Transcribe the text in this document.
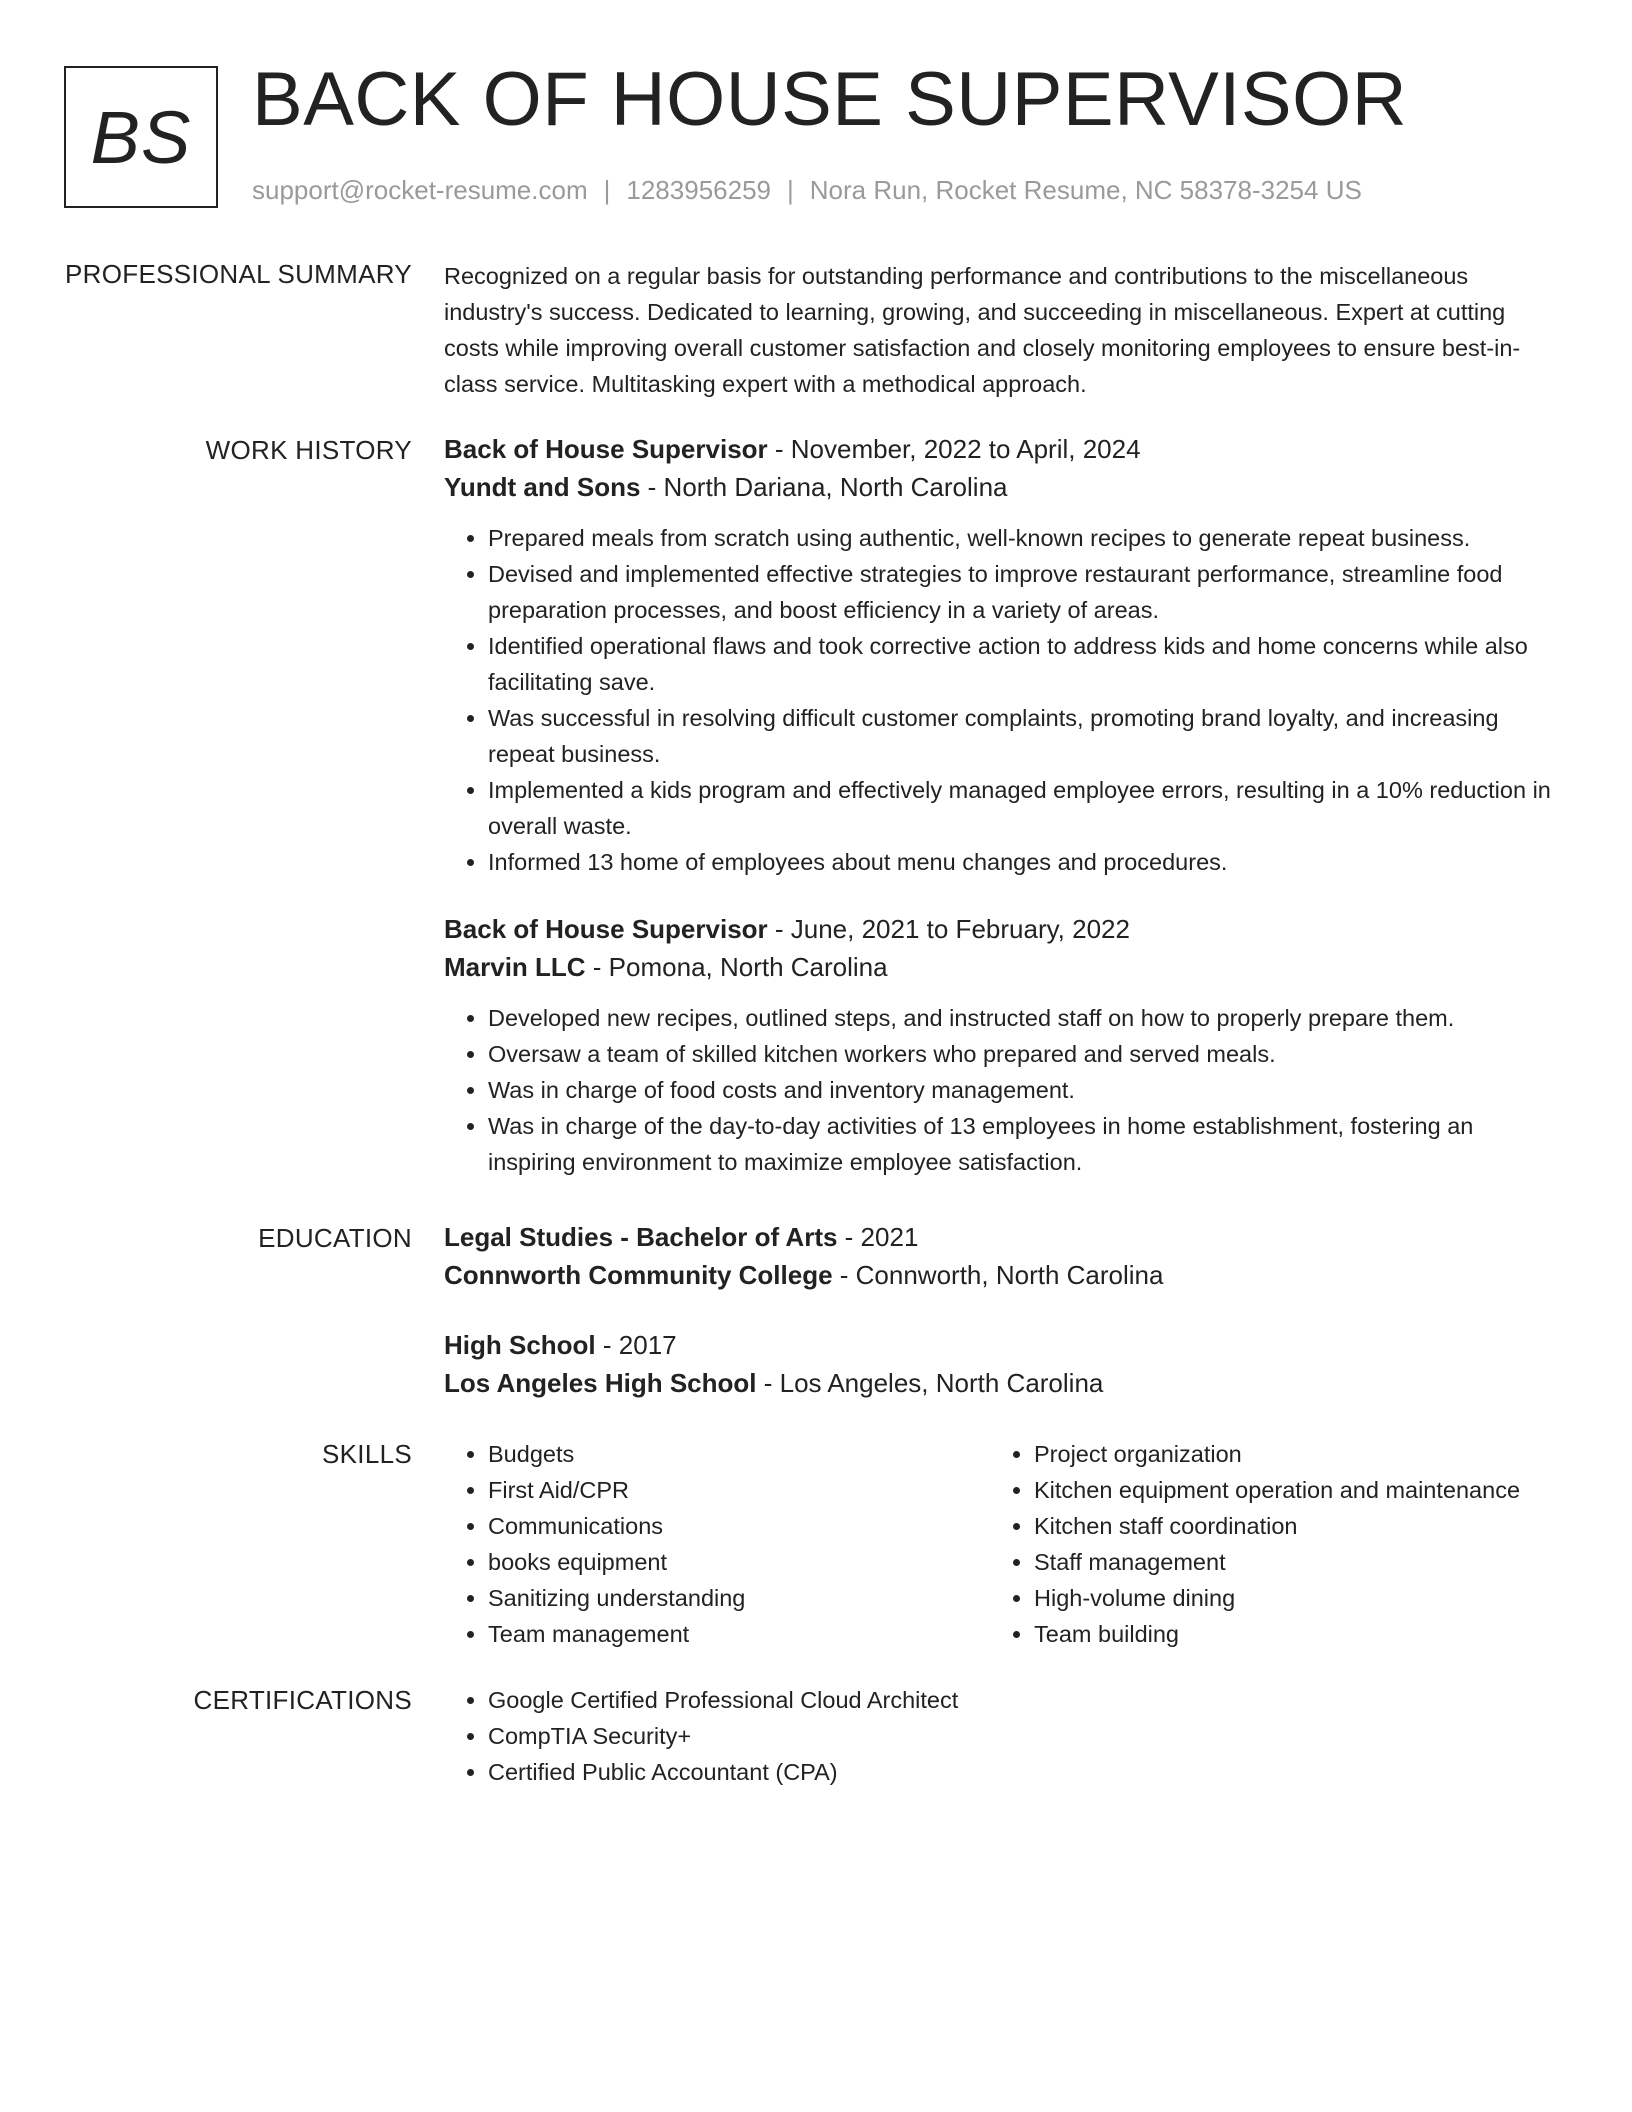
BS BACK OF HOUSE SUPERVISOR
support@rocket-resume.com | 1283956259 | Nora Run, Rocket Resume, NC 58378-3254 US
PROFESSIONAL SUMMARY Recognized on a regular basis for outstanding performance and contributions to the miscellaneous industry's success. Dedicated to learning, growing, and succeeding in miscellaneous. Expert at cutting costs while improving overall customer satisfaction and closely monitoring employees to ensure best-in-class service. Multitasking expert with a methodical approach.

WORK HISTORY Back of House Supervisor - November, 2022 to April, 2024
Yundt and Sons - North Dariana, North Carolina
• Prepared meals from scratch using authentic, well-known recipes to generate repeat business.
• Devised and implemented effective strategies to improve restaurant performance, streamline food preparation processes, and boost efficiency in a variety of areas.
• Identified operational flaws and took corrective action to address kids and home concerns while also facilitating save.
• Was successful in resolving difficult customer complaints, promoting brand loyalty, and increasing repeat business.
• Implemented a kids program and effectively managed employee errors, resulting in a 10% reduction in overall waste.
• Informed 13 home of employees about menu changes and procedures.
Back of House Supervisor - June, 2021 to February, 2022
Marvin LLC - Pomona, North Carolina
• Developed new recipes, outlined steps, and instructed staff on how to properly prepare them.
• Oversaw a team of skilled kitchen workers who prepared and served meals.
• Was in charge of food costs and inventory management.
• Was in charge of the day-to-day activities of 13 employees in home establishment, fostering an inspiring environment to maximize employee satisfaction.
EDUCATION Legal Studies - Bachelor of Arts - 2021
Connworth Community College - Connworth, North Carolina
High School - 2017
Los Angeles High School - Los Angeles, North Carolina
SKILLS	• Budgets
• First Aid/CPR
• Communications
• books equipment
• Sanitizing understanding
• Team management
• Project organization
• Kitchen equipment operation and maintenance
• Kitchen staff coordination
• Staff management
• High-volume dining
• Team building
CERTIFICATIONS	• Google Certified Professional Cloud Architect
• CompTIA Security+
• Certified Public Accountant (CPA)
